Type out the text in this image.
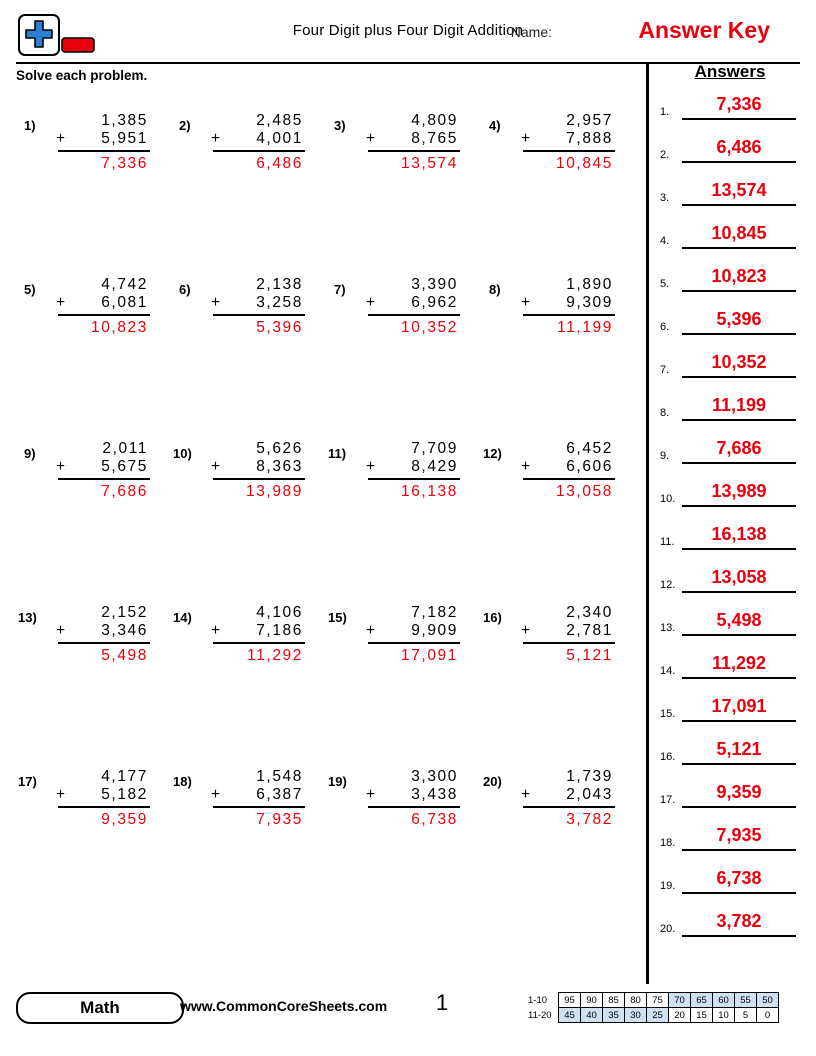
Four Digit plus Four Digit Addition
Name:	Answer Key
Solve each problem.
1)	1,385
+ 5,951
7,336
2)	2,485
+ 4,001
6,486
3)	4,809
+ 8,765
13,574
4)	2,957
+ 7,888
10,845
5)	4,742
+ 6,081
10,823
6)	2,138
+ 3,258
5,396
7)	3,390
+ 6,962
10,352
8)	1,890
+ 9,309
11,199
9)	2,011
+ 5,675
7,686
10)	5,626
+ 8,363
13,989
11)	7,709
+ 8,429
16,138
12)	6,452
+ 6,606
13,058
13)	2,152
+ 3,346
5,498
14)	4,106
+ 7,186
11,292
15)	7,182
+ 9,909
17,091
16)	2,340
+ 2,781
5,121
17)	4,177
+ 5,182
9,359
18)	1,548
+ 6,387
7,935
19)	3,300
+ 3,438
6,738
20)	1,739
+ 2,043
3,782
Answers
1.	7,336
2.	6,486
3.	13,574
4.	10,845
5.	10,823
6.	5,396
7.	10,352
8.	11,199
9.	7,686
10.	13,989
11.	16,138
12.	13,058
13.	5,498
14.	11,292
15.	17,091
16.	5,121
17.	9,359
18.	7,935
19.	6,738
20.	3,782
Math	www.CommonCoreSheets.com 1	1-10	95	90	85	80	75	70	65	60	55	50
11-20	45	40	35	30	25	20	15	10	5	0
